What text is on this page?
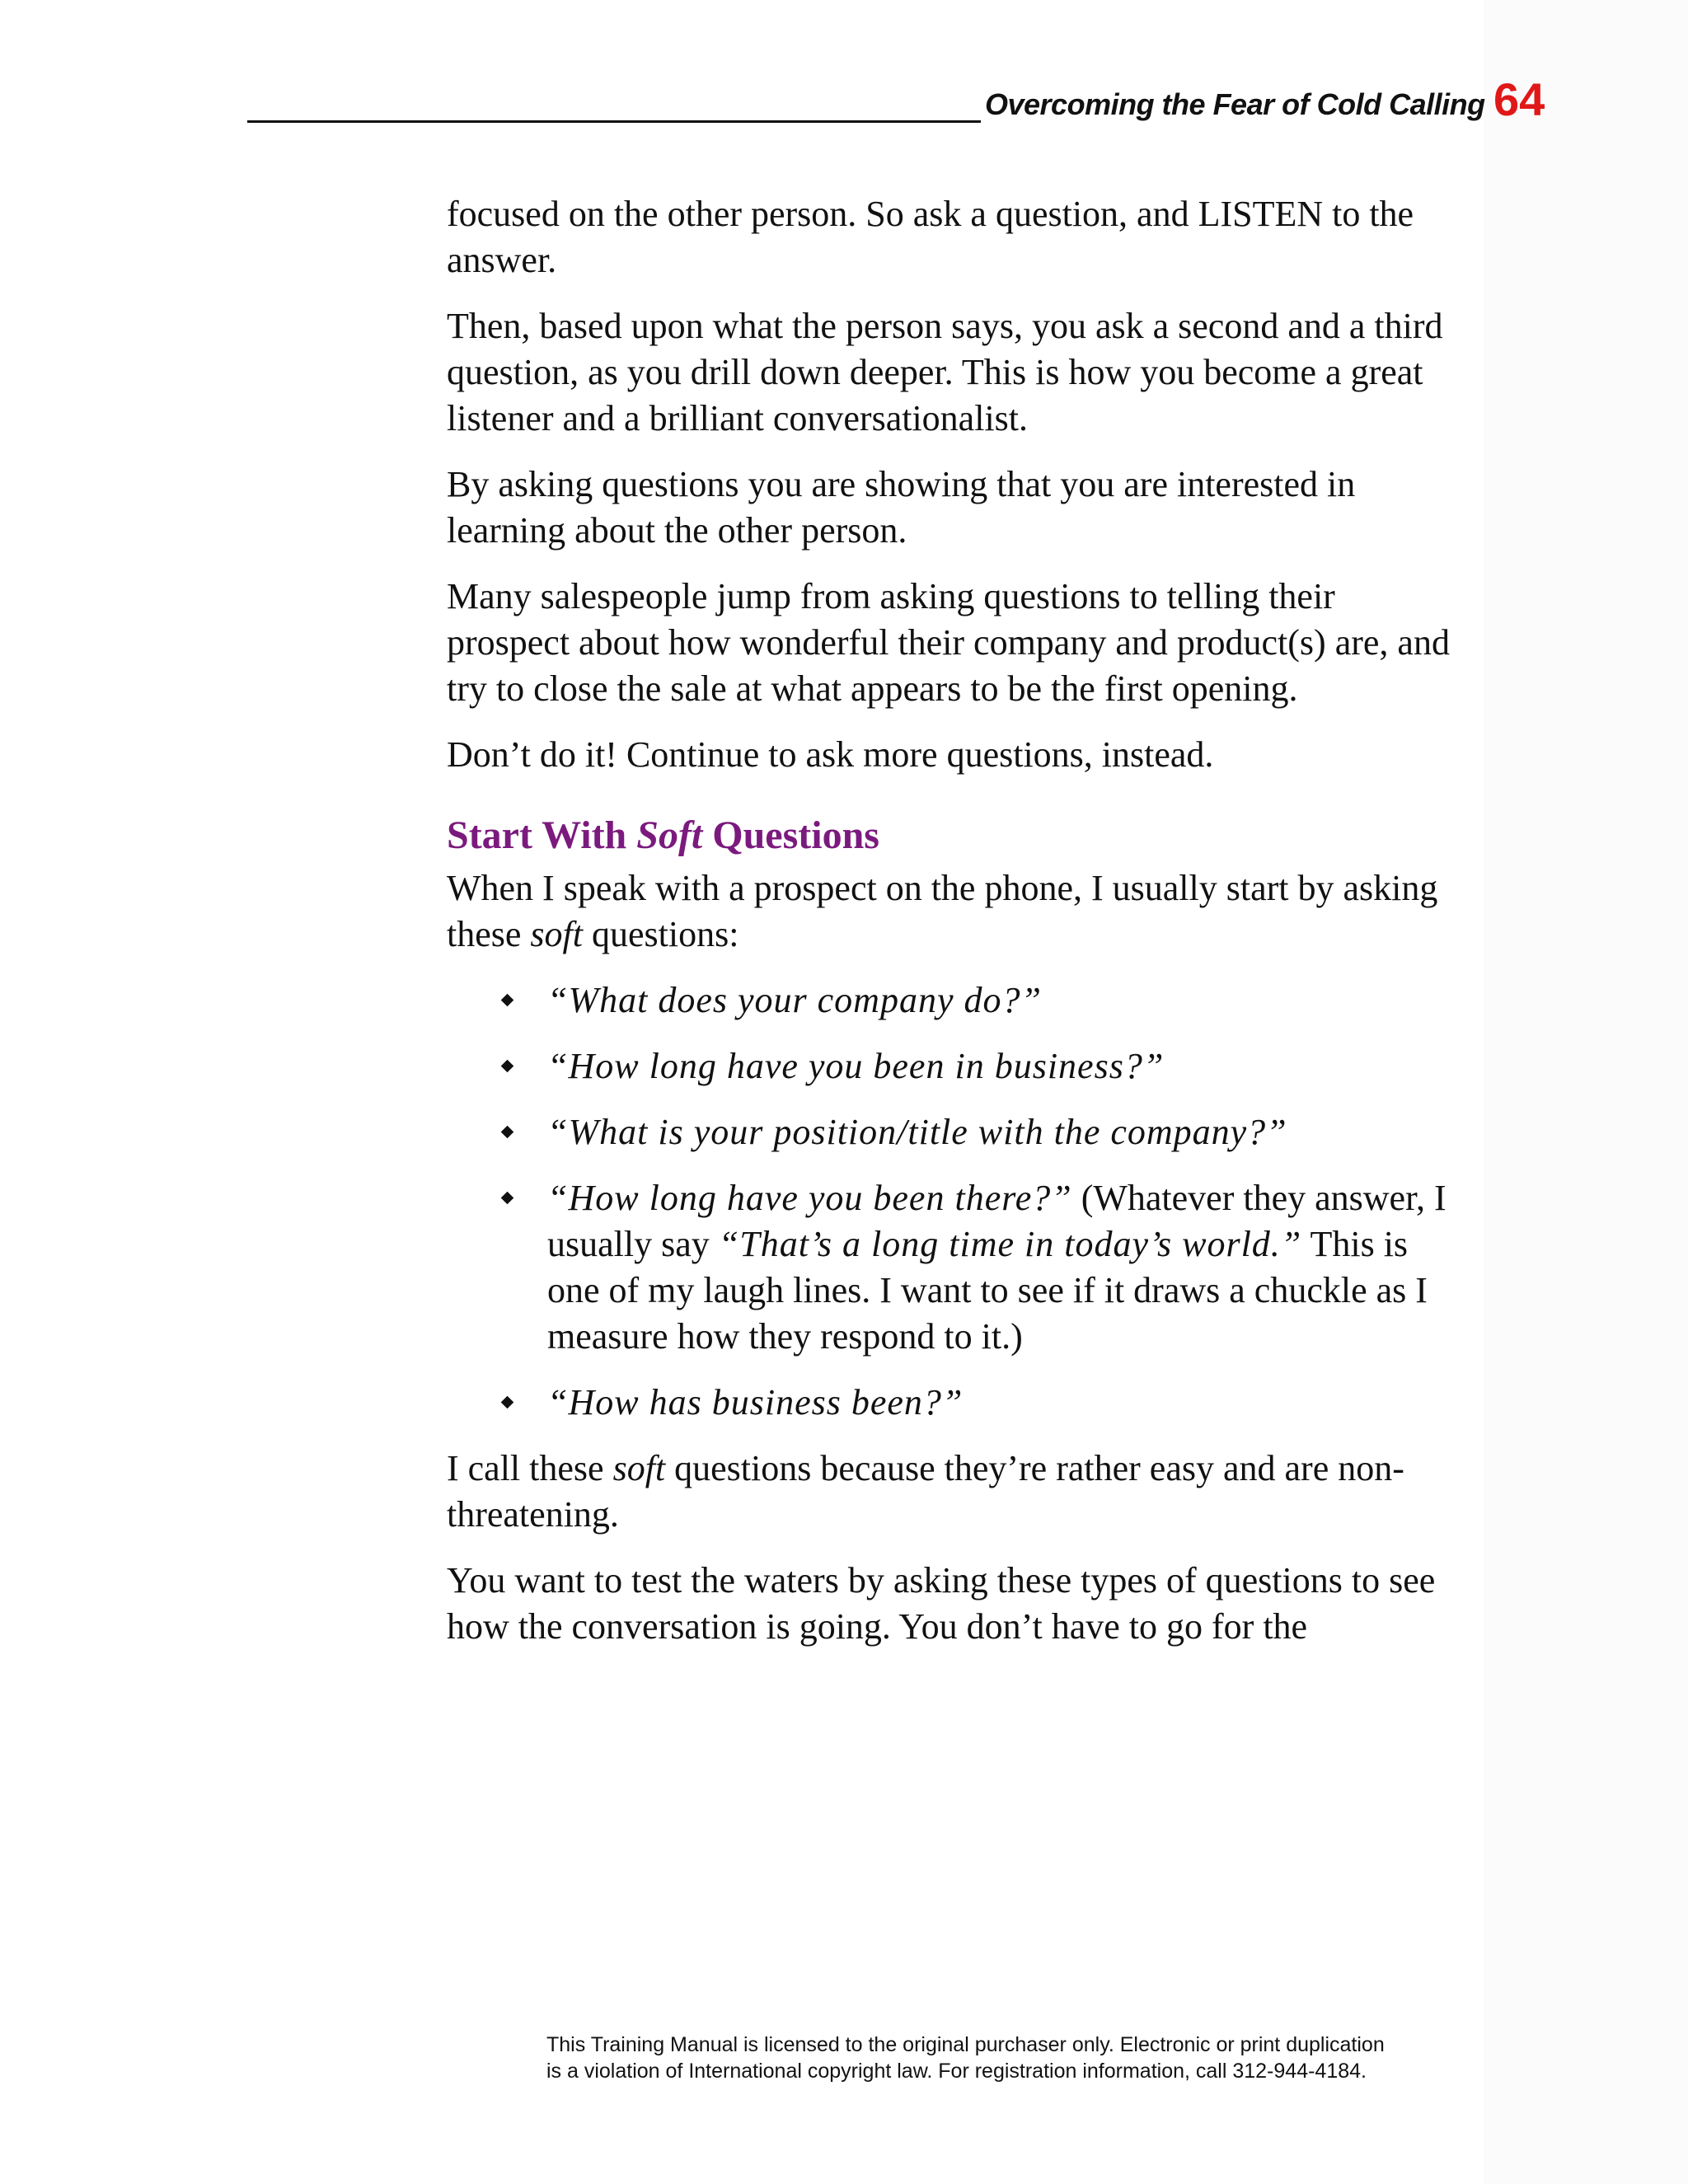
Overcoming the Fear of Cold Calling 64

focused on the other person. So ask a question, and LISTEN to the answer.

Then, based upon what the person says, you ask a second and a third question, as you drill down deeper. This is how you become a great listener and a brilliant conversationalist.

By asking questions you are showing that you are interested in learning about the other person.

Many salespeople jump from asking questions to telling their prospect about how wonderful their company and product(s) are, and try to close the sale at what appears to be the first opening.

Don’t do it! Continue to ask more questions, instead.

Start With Soft Questions

When I speak with a prospect on the phone, I usually start by asking these soft questions:

“What does your company do?”
“How long have you been in business?”
“What is your position/title with the company?”
“How long have you been there?” (Whatever they answer, I usually say “That’s a long time in today’s world.” This is one of my laugh lines. I want to see if it draws a chuckle as I measure how they respond to it.)
“How has business been?”

I call these soft questions because they’re rather easy and are non-threatening.

You want to test the waters by asking these types of questions to see how the conversation is going. You don’t have to go for the

This Training Manual is licensed to the original purchaser only. Electronic or print duplication
is a violation of International copyright law. For registration information, call 312-944-4184.
